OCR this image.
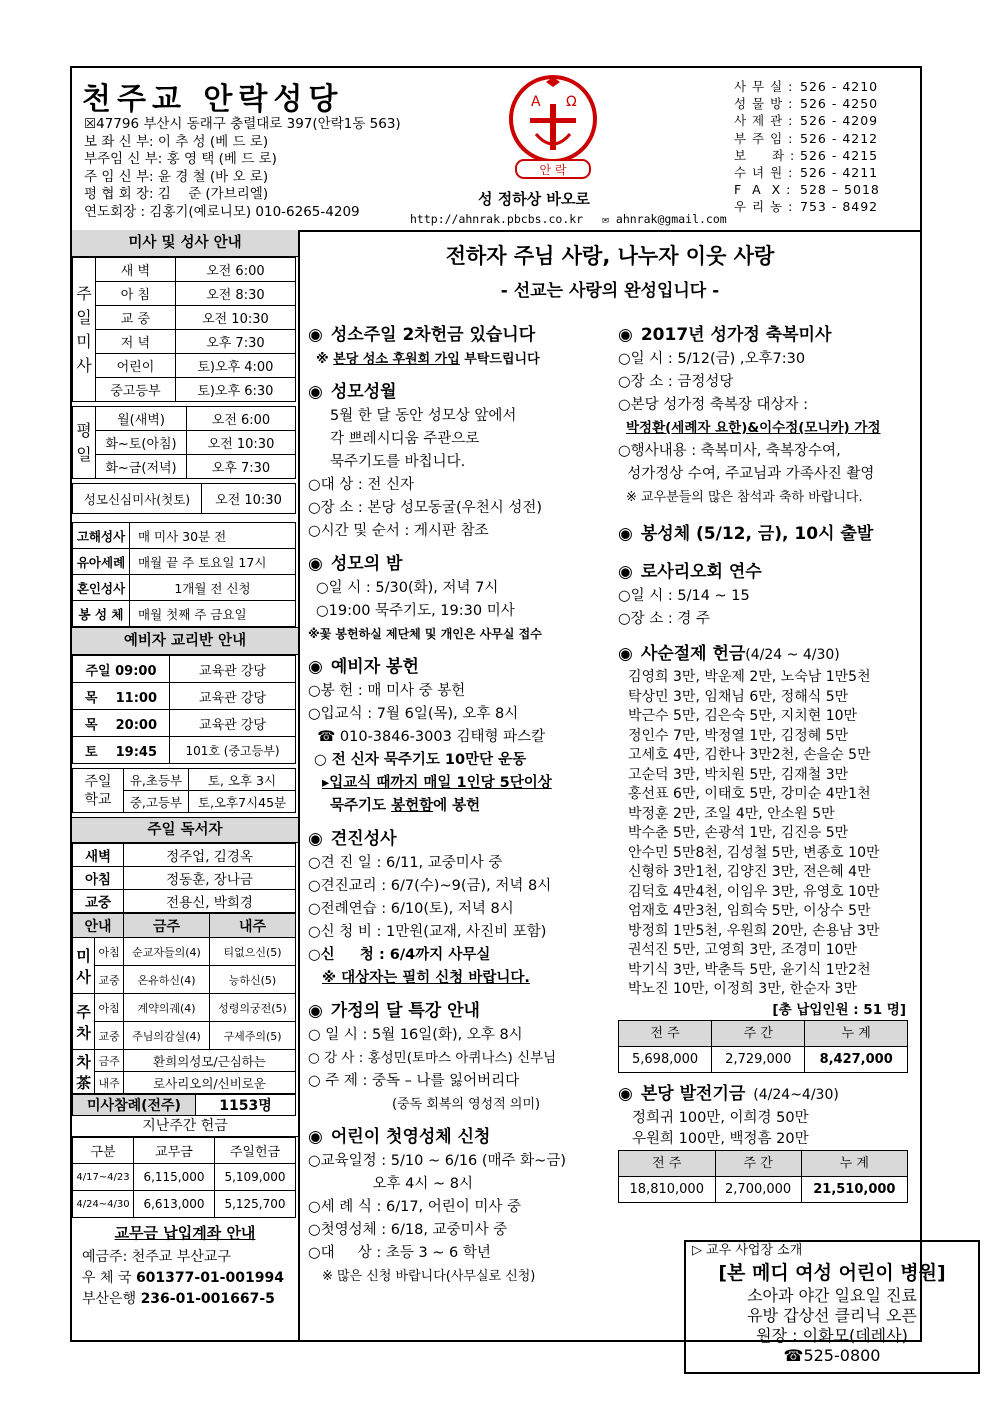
천주교 안락성당
☒47796 부산시 동래구 충렬대로 397(안락1동 563)
보 좌 신 부: 이 추 성 (베 드 로)
부주임 신 부: 홍 영 택 (베 드 로)
주 임 신 부: 윤 경 철 (바 오 로)
평 협 회 장: 김    준 (가브리엘)
연도회장 : 김홍기(예로니모) 010-6265-4209
A Ω
안 락
성 정하상 바오로
http://ahnrak.pbcbs.co.kr ✉ ahnrak@gmail.com
사 무 실 : 526 - 4210
성 물 방 : 526 - 4250
사 제 관 : 526 - 4209
부 주 임 : 526 - 4212
보     좌 : 526 - 4215
수 녀 원 : 526 - 4211
F  A  X : 528 – 5018
우 리 농 : 753 - 8492
미사 및 성사 안내
주
일
미
사	새 벽	오전 6:00
	아 침	오전 8:30
	교 중	오전 10:30
	저 녁	오후 7:30
	어린이	토)오후 4:00
	중고등부	토)오후 6:30
평
일	월(새벽)	오전 6:00
	화~토(아침)	오전 10:30
	화~금(저녁)	오후 7:30
성모신심미사(첫토)	오전 10:30
고해성사	매 미사 30분 전
유아세례	매월 끝 주 토요일 17시
혼인성사	1개월 전 신청
봉 성 체	매월 첫째 주 금요일
예비자 교리반 안내
주일 09:00	교육관 강당
목    11:00	교육관 강당
목    20:00	교육관 강당
토    19:45	101호 (중고등부)
주일
학교	유,초등부	토, 오후 3시
	중,고등부	토,오후7시45분
주일 독서자
새벽	정주업, 김경옥
아침	정동훈, 장나금
교중	전용신, 박희경
안내		금주	내주
미
사	아침	순교자들의(4)	티없으신(5)
	교중	온유하신(4)	능하신(5)
주
차	아침	계약의궤(4)	성령의궁전(5)
	교중	주님의감실(4)	구세주의(5)
차
茶	금주	환희의성모/근심하는	
	내주	로사리오의/신비로운	
미사참례(전주)	1153명
지난주간 헌금
구분	교무금	주일헌금
4/17~4/23	6,115,000	5,109,000
4/24~4/30	6,613,000	5,125,700
교무금 납입계좌 안내
예금주: 천주교 부산교구
우 체 국 601377-01-001994
부산은행 236-01-001667-5
전하자 주님 사랑, 나누자 이웃 사랑
- 선교는 사랑의 완성입니다 -
◉ 성소주일 2차헌금 있습니다
※ 본당 성소 후원회 가입 부탁드립니다
◉ 성모성월
5월 한 달 동안 성모상 앞에서
각 쁘레시디움 주관으로
묵주기도를 바칩니다.
○대 상 : 전 신자
○장 소 : 본당 성모동굴(우천시 성전)
○시간 및 순서 : 게시판 참조
◉ 성모의 밤
○일 시 : 5/30(화), 저녁 7시
○19:00 묵주기도, 19:30 미사
※꽃 봉헌하실 제단체 및 개인은 사무실 접수
◉ 예비자 봉헌
○봉 헌 : 매 미사 중 봉헌
○입교식 : 7월 6일(목), 오후 8시
☎ 010-3846-3003 김태형 파스칼
○ 전 신자 묵주기도 10만단 운동
▸입교식 때까지 매일 1인당 5단이상
묵주기도 봉헌함에 봉헌
◉ 견진성사
○견 진 일 : 6/11, 교중미사 중
○견진교리 : 6/7(수)~9(금), 저녁 8시
○전례연습 : 6/10(토), 저녁 8시
○신 청 비 : 1만원(교재, 사진비 포함)
○신     청 : 6/4까지 사무실
※ 대상자는 필히 신청 바랍니다.
◉ 가정의 달 특강 안내
○ 일 시 : 5월 16일(화), 오후 8시
○ 강 사 : 홍성민(토마스 아퀴나스) 신부님
○ 주 제 : 중독 – 나를 잃어버리다
(중독 회복의 영성적 의미)
◉ 어린이 첫영성체 신청
○교육일정 : 5/10 ~ 6/16 (매주 화~금)
오후 4시 ~ 8시
○세 례 식 : 6/17, 어린이 미사 중
○첫영성체 : 6/18, 교중미사 중
○대     상 : 초등 3 ~ 6 학년
※ 많은 신청 바랍니다(사무실로 신청)
◉ 2017년 성가정 축복미사
○일 시 : 5/12(금) ,오후7:30
○장 소 : 금정성당
○본당 성가정 축복장 대상자 :
박정환(세례자 요한)&이수정(모니카) 가정
○행사내용 : 축복미사, 축복장수여,
성가정상 수여, 주교님과 가족사진 촬영
※ 교우분들의 많은 참석과 축하 바랍니다.
◉ 봉성체 (5/12, 금), 10시 출발
◉ 로사리오회 연수
○일 시 : 5/14 ~ 15
○장 소 : 경 주
◉ 사순절제 헌금(4/24 ~ 4/30)
김영희 3만, 박운제 2만, 노숙남 1만5천
탁상민 3만, 임채님 6만, 정해식 5만
박근수 5만, 김은숙 5만, 지치현 10만
정인수 7만, 박정열 1만, 김정혜 5만
고세호 4만, 김한나 3만2천, 손을순 5만
고순덕 3만, 박치원 5만, 김재철 3만
홍선표 6만, 이태호 5만, 강미순 4만1천
박정훈 2만, 조일 4만, 안소원 5만
박수춘 5만, 손광석 1만, 김진응 5만
안수민 5만8천, 김성철 5만, 변종호 10만
신형하 3만1천, 김양진 3만, 전은혜 4만
김덕호 4만4천, 이임우 3만, 유영호 10만
엄재호 4만3천, 임희숙 5만, 이상수 5만
방정희 1만5천, 우원희 20만, 손용남 3만
권석진 5만, 고영희 3만, 조경미 10만
박기식 3만, 박춘득 5만, 윤기식 1만2천
박노진 10만, 이정희 3만, 한순자 3만
[총 납입인원 : 51 명]
전 주	주 간	누 계
5,698,000	2,729,000	8,427,000
◉ 본당 발전기금 (4/24~4/30)
정희귀 100만, 이희경 50만
우원희 100만, 백정흠 20만
전 주	주 간	누 계
18,810,000	2,700,000	21,510,000
▷ 교우 사업장 소개
[본 메디 여성 어린이 병원]
소아과 야간 일요일 진료
유방 갑상선 클리닉 오픈
원장 : 이화모(데레사)
☎525-0800
